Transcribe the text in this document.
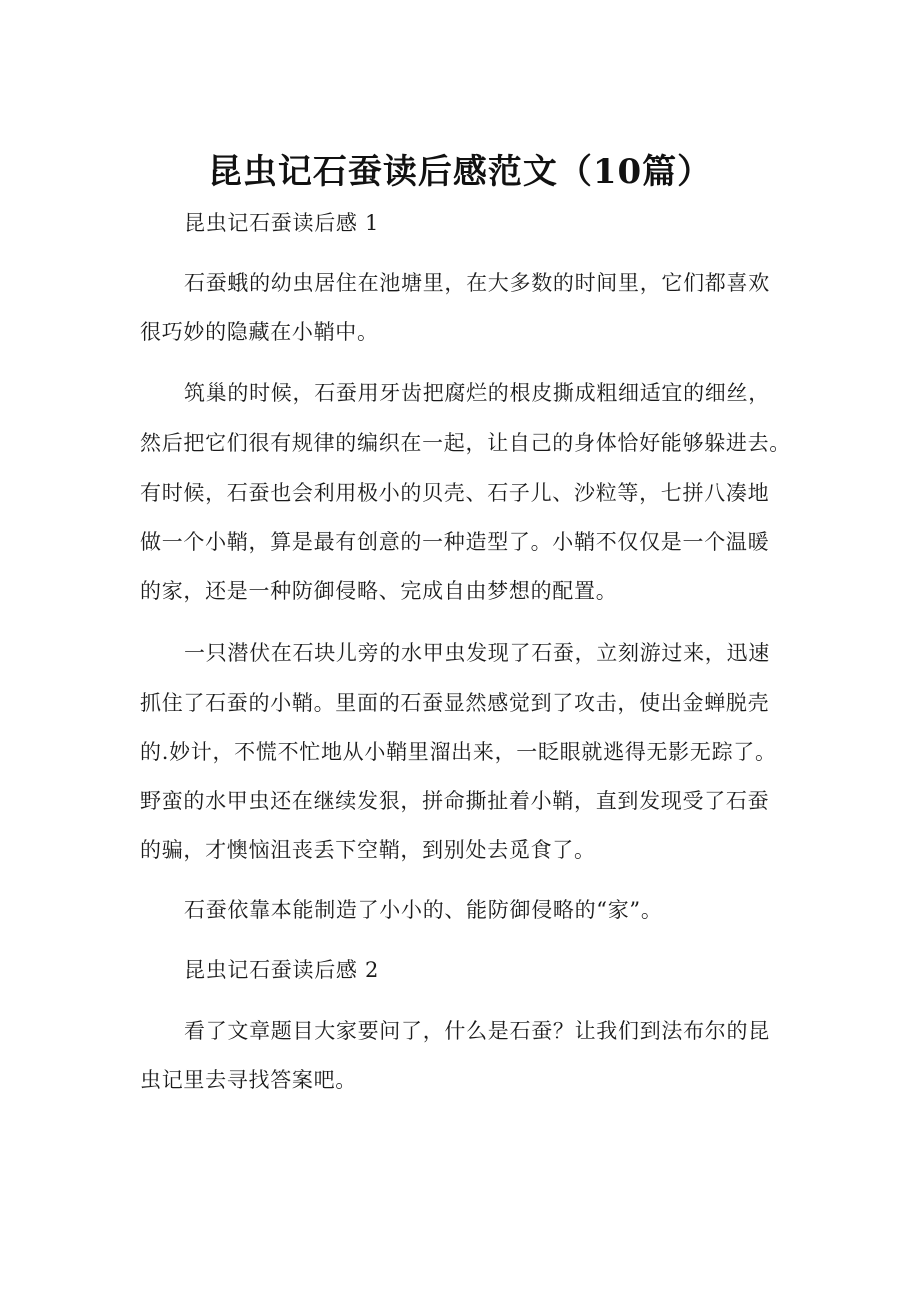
昆虫记石蚕读后感范文（10篇）
昆虫记石蚕读后感 1
石蚕蛾的幼虫居住在池塘里，在大多数的时间里，它们都喜欢
很巧妙的隐藏在小鞘中。
筑巢的时候，石蚕用牙齿把腐烂的根皮撕成粗细适宜的细丝，
然后把它们很有规律的编织在一起，让自己的身体恰好能够躲进去。
有时候，石蚕也会利用极小的贝壳、石子儿、沙粒等，七拼八凑地
做一个小鞘，算是最有创意的一种造型了。小鞘不仅仅是一个温暖
的家，还是一种防御侵略、完成自由梦想的配置。
一只潜伏在石块儿旁的水甲虫发现了石蚕，立刻游过来，迅速
抓住了石蚕的小鞘。里面的石蚕显然感觉到了攻击，使出金蝉脱壳
的.妙计，不慌不忙地从小鞘里溜出来，一眨眼就逃得无影无踪了。
野蛮的水甲虫还在继续发狠，拼命撕扯着小鞘，直到发现受了石蚕
的骗，才懊恼沮丧丢下空鞘，到别处去觅食了。
石蚕依靠本能制造了小小的、能防御侵略的“家”。
昆虫记石蚕读后感 2
看了文章题目大家要问了，什么是石蚕？让我们到法布尔的昆
虫记里去寻找答案吧。
